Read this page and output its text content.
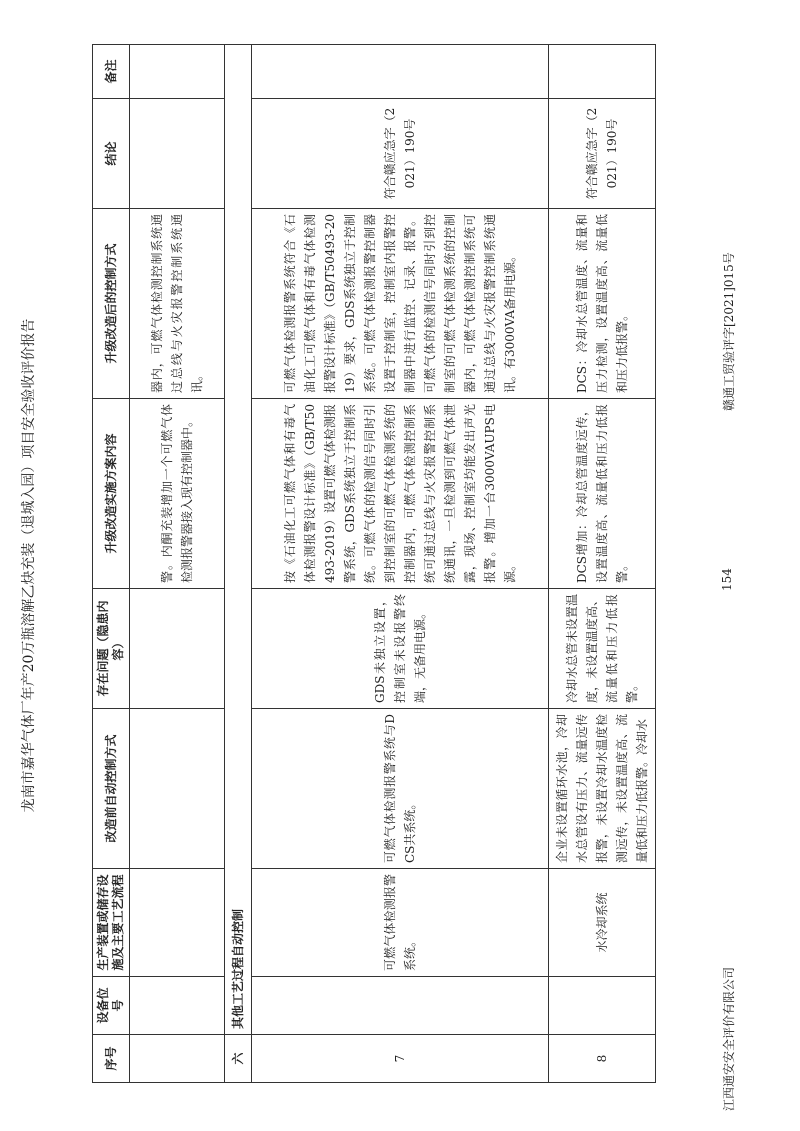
龙南市嘉华气体厂年产20万瓶溶解乙炔充装（退城入园）项目安全验收评价报告
序号	设备位号	生产装置或储存设施及主要工艺流程	改造前自动控制方式	存在问题（隐患内容）	升级改造实施方案内容	升级改造后的控制方式	结论	备注
					警。内酮充装增加一个可燃气体检测报警器接入现有控制器中。	器内，可燃气体检测控制系统通过总线与火灾报警控制系统通讯。		
六	其他工艺过程自动控制							
7		可燃气体检测报警系统。	可燃气体检测报警系统与DCS共系统。	GDS未独立设置，控制室未设报警终端，无备用电源。	按《石油化工可燃气体和有毒气体检测报警设计标准》（GB/T50493-2019）设置可燃气体检测报警系统，GDS系统独立于控制系统。可燃气体的检测信号同时引到控制室的可燃气体检测系统的控制器内，可燃气体检测控制系统可通过总线与火灾报警控制系统通讯，一旦检测到可燃气体泄露，现场、控制室均能发出声光报警。增加一台3000VAUPS电源。	可燃气体检测报警系统符合《石油化工可燃气体和有毒气体检测报警设计标准》（GB/T50493-2019）要求，GDS系统独立于控制系统。可燃气体检测报警控制器设置于控制室，控制室内报警控制器中进行监控、记录、报警。可燃气体的检测信号同时引到控制室的可燃气体检测系统的控制器内，可燃气体检测控制系统可通过总线与火灾报警控制系统通讯。有3000VA备用电源。	符合赣应急字（2021）190号	
8		水冷却系统	企业未设置循环水池，冷却水总管设有压力、流量远传报警，未设置冷却水温度检测远传，未设置温度高、流量低和压力低报警。冷却水	冷却水总管未设置温度，未设置温度高、流量低和压力低报警。	DCS增加：冷却总管温度远传，设置温度高、流量低和压力低报警。	DCS：冷却水总管温度、流量和压力检测，设置温度高、流量低和压力低报警。	符合赣应急字（2021）190号	
江西通安安全评价有限公司
154
赣通工贸验评字[2021]015号
